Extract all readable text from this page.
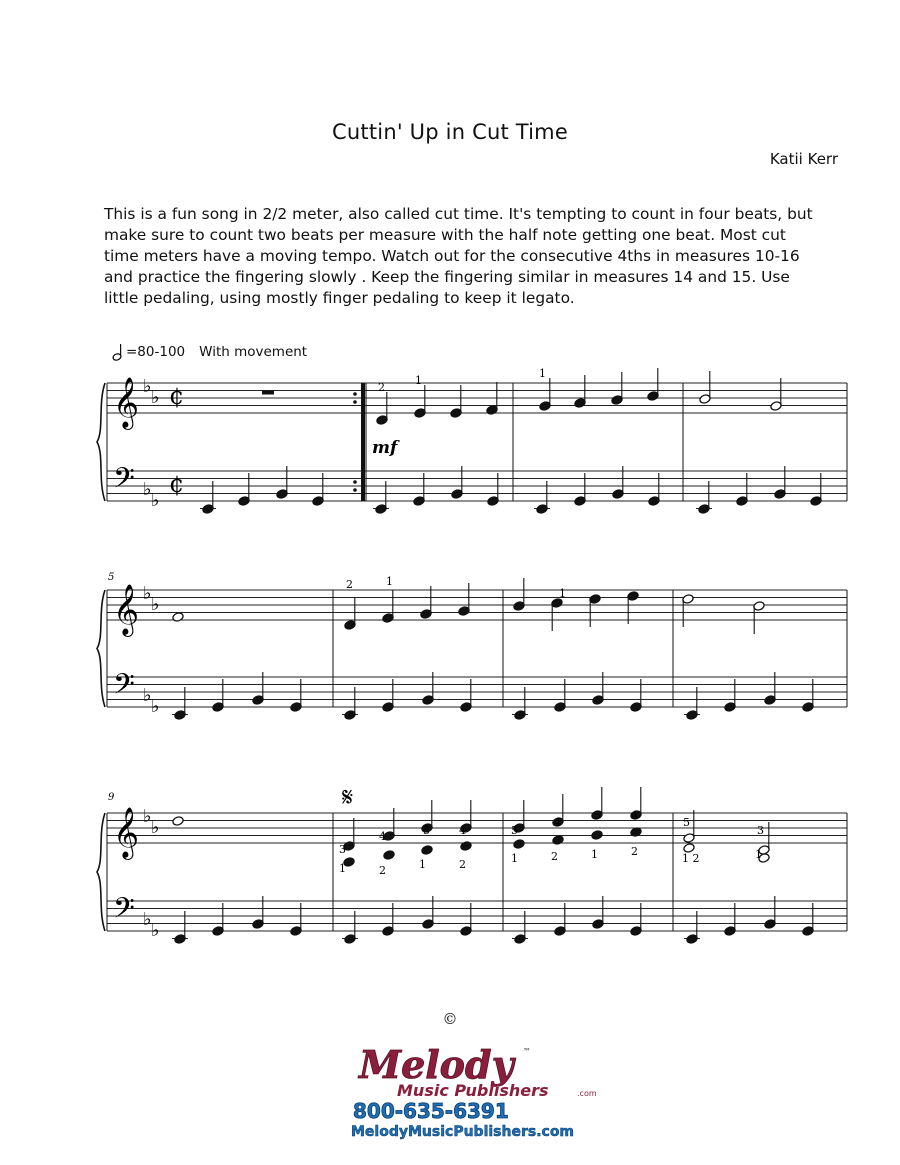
Cuttin' Up in Cut Time
Katii Kerr
This is a fun song in 2/2 meter, also called cut time. It's tempting to count in four beats, but make sure to count two beats per measure with the half note getting one beat. Most cut time meters have a moving tempo. Watch out for the consecutive 4ths in measures 10-16 and practice the fingering slowly . Keep the fingering similar in measures 14 and 15. Use little pedaling, using mostly finger pedaling to keep it legato.
=80-100 With movement
𝄞
𝄢
♭
♭
♭
♭
¢
¢
𝄞
𝄢
♭
♭
♭
♭
𝄞
𝄢
♭
♭
♭
♭
mf
5
9	𝄋
2
1
1
2	1
1
3
1
4
2
5
1
4
2
5
1
4
2
5
1
4
2
5
1 2
3
1
©
Melody	™
Music Publishers	.com
800-635-6391
MelodyMusicPublishers.com
